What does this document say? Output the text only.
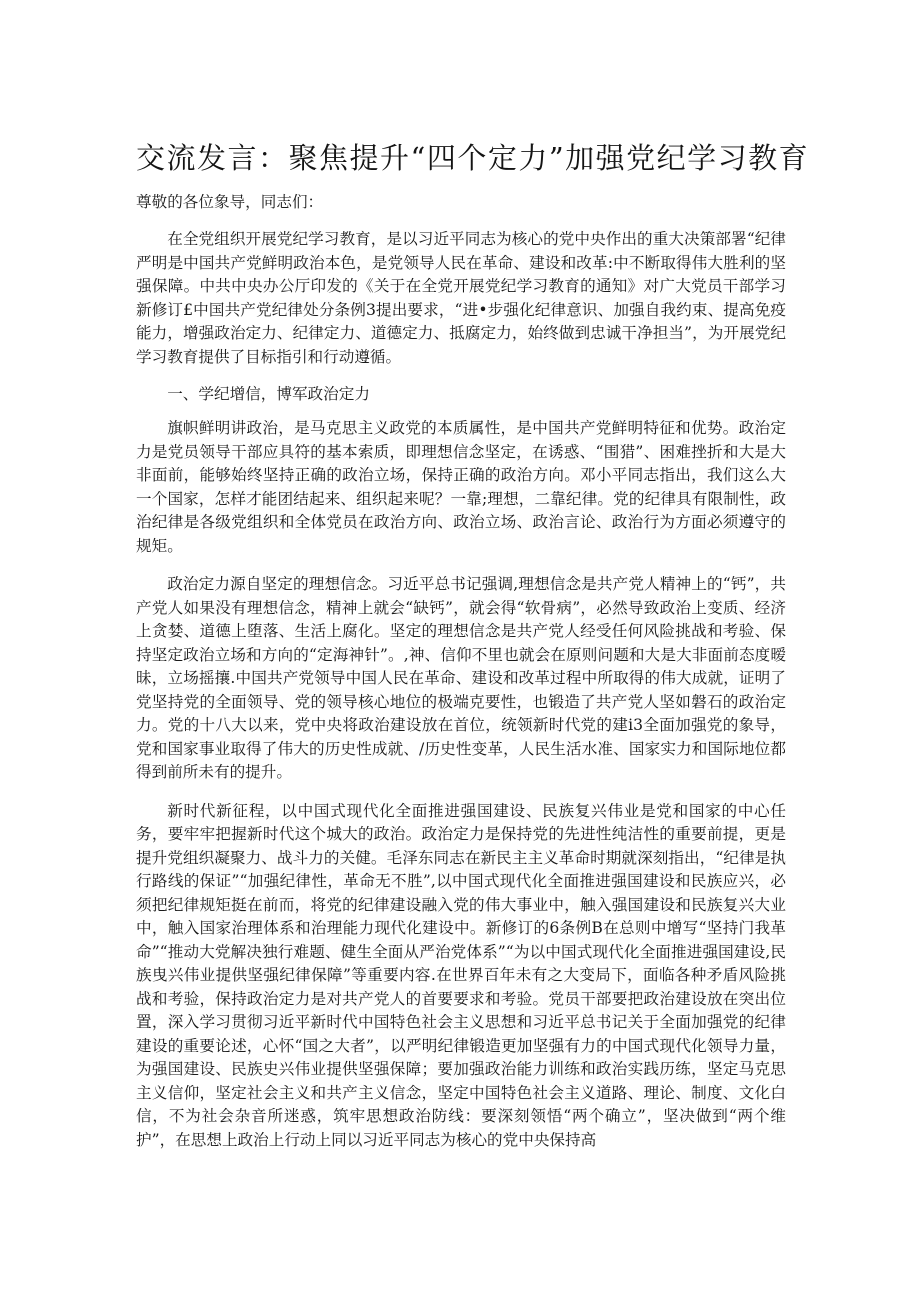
交流发言：聚焦提升“四个定力”加强党纪学习教育

尊敬的各位象导，同志们：

在全党组织开展党纪学习教育，是以习近平同志为核心的党中央作出的重大决策部署“纪律严明是中国共产党鲜明政治本色，是党领导人民在革命、建设和改革:中不断取得伟大胜利的坚强保障。中共中央办公厅印发的《关于在全党开展党纪学习教育的通知》对广大党员干部学习新修订£中国共产党纪律处分条例3提出要求，“进•步强化纪律意识、加强自我约束、提高免疫能力，增强政治定力、纪律定力、道德定力、抵腐定力，始终做到忠诚干净担当”，为开展党纪学习教育提供了目标指引和行动遵循。

一、学纪增信，博军政治定力

旗帜鲜明讲政治，是马克思主义政党的本质属性，是中国共产党鲜明特征和优势。政治定力是党员领导干部应具符的基本索质，即理想信念坚定，在诱惑、“围猎”、困难挫折和大是大非面前，能够始终坚持正确的政治立场，保持正确的政治方向。邓小平同志指出，我们这么大一个国家，怎样才能团结起来、组织起来呢？一靠;理想，二靠纪律。党的纪律具有限制性，政治纪律是各级党组织和全体党员在政治方向、政治立场、政治言论、政治行为方面必须遵守的规矩。

政治定力源自坚定的理想信念。习近平总书记强调,理想信念是共产党人精神上的“钙”，共产党人如果没有理想信念，精神上就会“缺钙”，就会得“软骨病”，必然导致政治上变质、经济上贪婪、道德上堕落、生活上腐化。坚定的理想信念是共产党人经受任何风险挑战和考验、保持坚定政治立场和方向的“定海神针”。,神、信仰不里也就会在原则问题和大是大非面前态度暧昧，立场摇攘.中国共产党领导中国人民在革命、建设和改革过程中所取得的伟大成就，证明了党坚持党的全面领导、党的领导核心地位的极端克要性，也锻造了共产党人坚如磐石的政治定力。党的十八大以来，党中央将政治建设放在首位，统领新时代党的建i3全面加强党的象导，党和国家事业取得了伟大的历史性成就、/历史性变革，人民生活水准、国家实力和国际地位都得到前所未有的提升。

新时代新征程，以中国式现代化全面推进强国建设、民族复兴伟业是党和国家的中心任务，要牢牢把握新时代这个城大的政治。政治定力是保持党的先进性纯洁性的重要前提，更是提升党组织凝聚力、战斗力的关健。毛泽东同志在新民主主义革命时期就深刻指出，“纪律是执行路线的保证”“加强纪律性，革命无不胜”,以中国式现代化全面推进强国建设和民族应兴，必须把纪律规矩挺在前而，将党的纪律建设融入党的伟大事业中，触入强国建设和民族复兴大业中，触入国家治理体系和治理能力现代化建设中。新修订的6条例B在总则中增写“坚持门我革命”“推动大党解决独行难题、健生全面从严治党体系”“为以中国式现代化全面推进强国建设,民族曳兴伟业提供坚强纪律保障”等重要内容.在世界百年未有之大变局下，面临各种矛盾风险挑战和考验，保持政治定力是对共产党人的首要要求和考验。党员干部要把政治建设放在突出位置，深入学习贯彻习近平新时代中国特色社会主义思想和习近平总书记关于全面加强党的纪律建设的重要论述，心怀“国之大者”，以严明纪律锻造更加坚强有力的中国式现代化领导力量，为强国建设、民族史兴伟业提供坚强保障；要加强政治能力训练和政治实践历练，坚定马克思主义信仰，坚定社会主义和共产主义信念，坚定中国特色社会主义道路、理论、制度、文化白信，不为社会杂音所迷惑，筑牢思想政治防线：要深刻领悟“两个确立”，坚决做到“两个维护”，在思想上政治上行动上同以习近平同志为核心的党中央保持高
